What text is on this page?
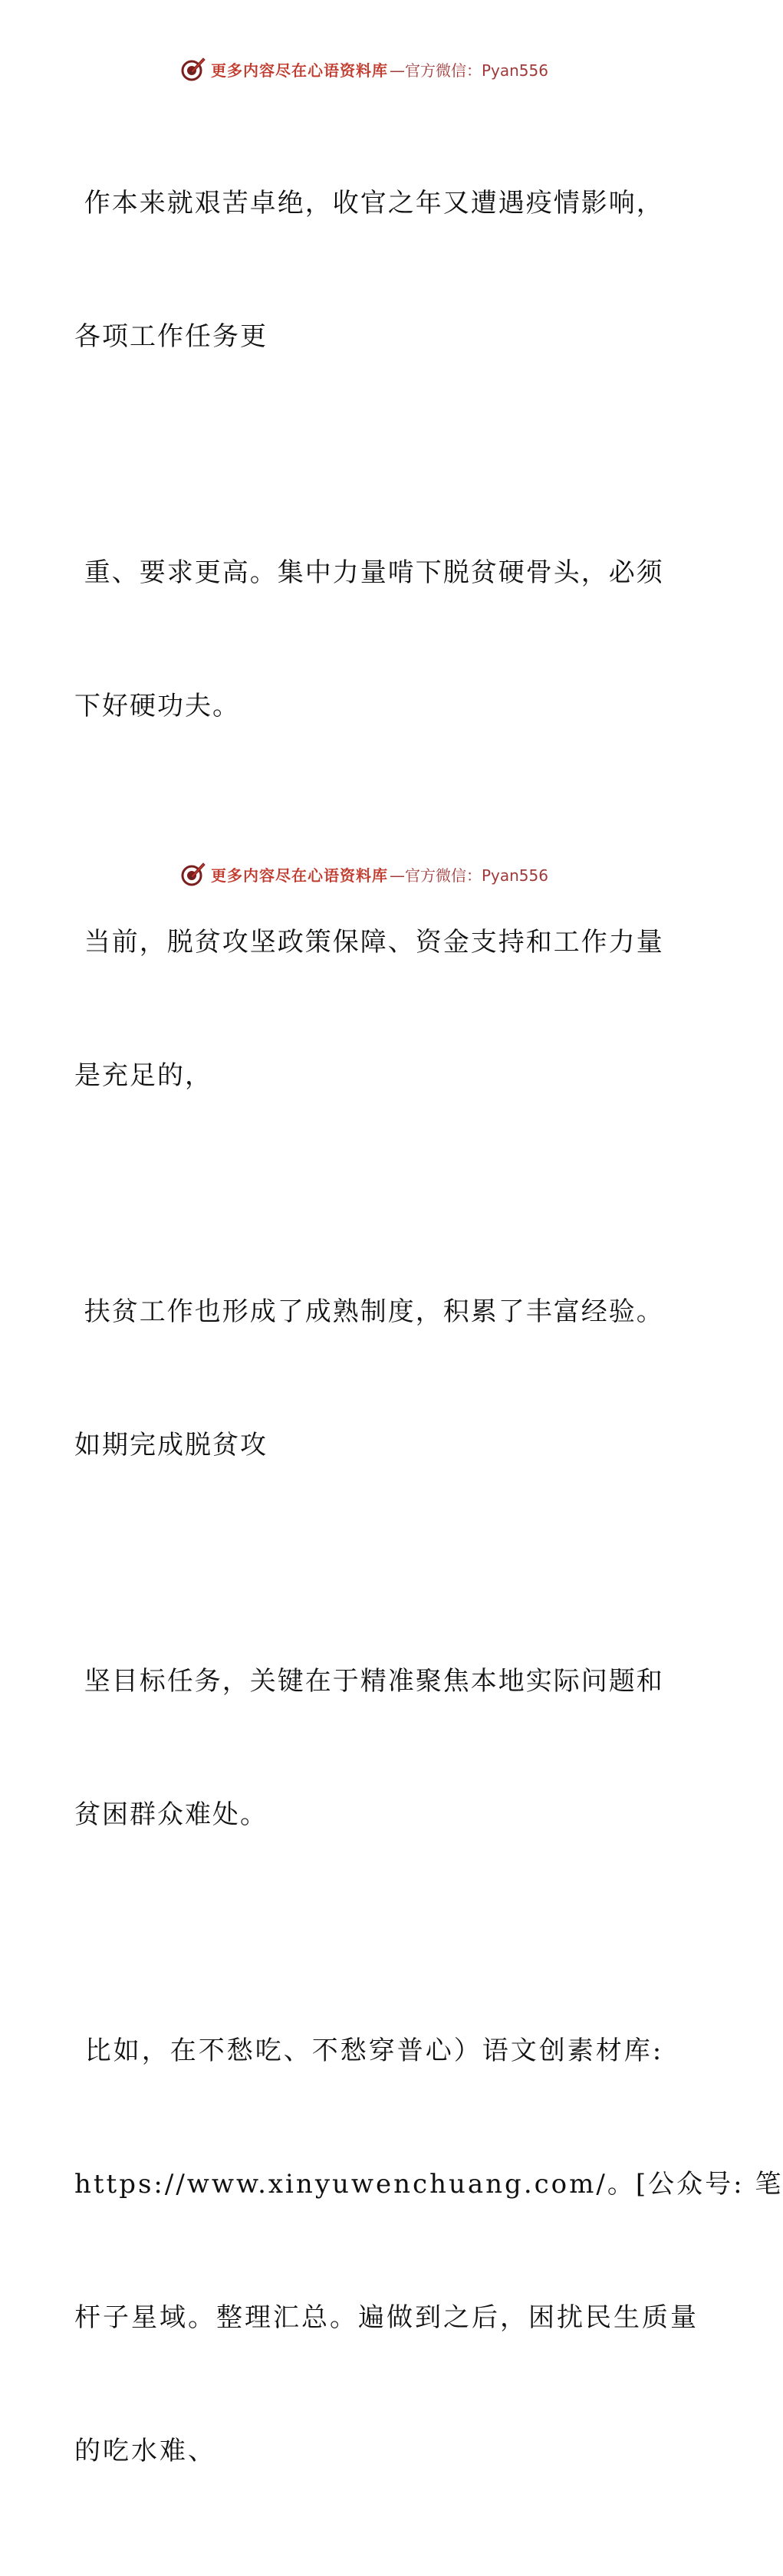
更多内容尽在心语资料库 —官方微信：Pyan556

作本来就艰苦卓绝，收官之年又遭遇疫情影响，

各项工作任务更

重、要求更高。集中力量啃下脱贫硬骨头，必须

下好硬功夫。

当前，脱贫攻坚政策保障、资金支持和工作力量

是充足的，

扶贫工作也形成了成熟制度，积累了丰富经验。

如期完成脱贫攻

坚目标任务，关键在于精准聚焦本地实际问题和

贫困群众难处。

比如，在不愁吃、不愁穿普心）语文创素材库:

https://www.xinyuwenchuang.com/。[公众号: 笔

杆子星域。整理汇总。遍做到之后，困扰民生质量

的吃水难、

更多内容尽在心语资料库 —官方微信：Pyan556
